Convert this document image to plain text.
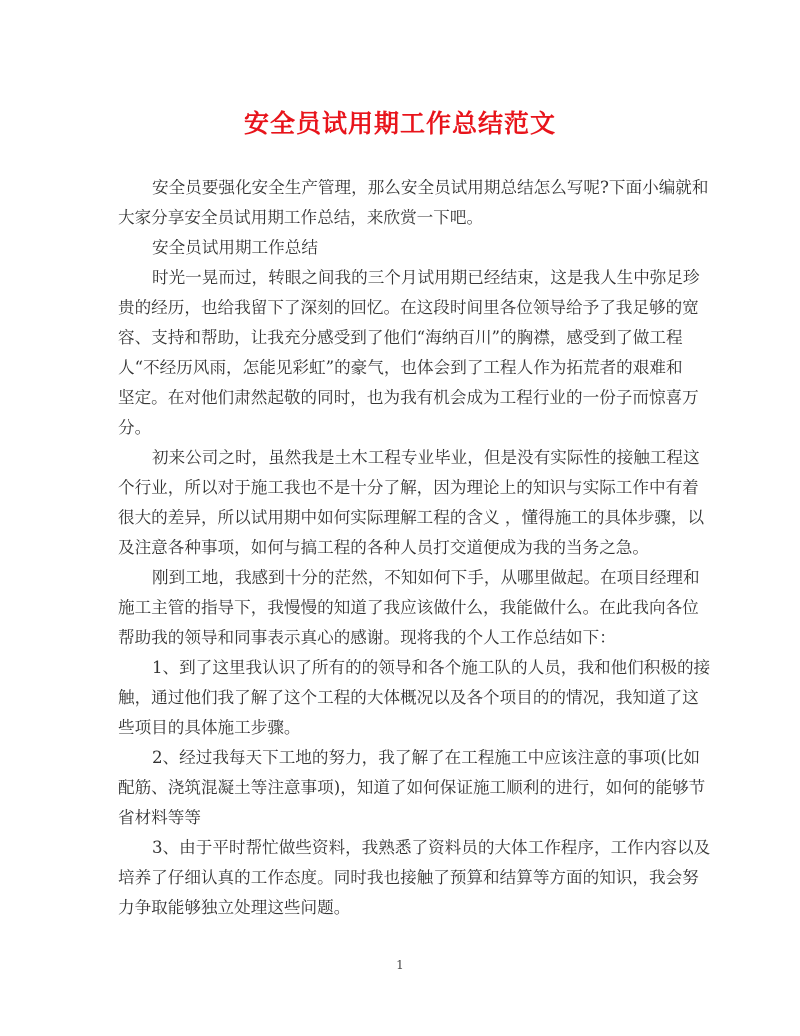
安全员试用期工作总结范文
安全员要强化安全生产管理，那么安全员试用期总结怎么写呢?下面小编就和
大家分享安全员试用期工作总结，来欣赏一下吧。
安全员试用期工作总结
时光一晃而过，转眼之间我的三个月试用期已经结束，这是我人生中弥足珍
贵的经历，也给我留下了深刻的回忆。在这段时间里各位领导给予了我足够的宽
容、支持和帮助，让我充分感受到了他们“海纳百川”的胸襟，感受到了做工程
人“不经历风雨，怎能见彩虹”的豪气，也体会到了工程人作为拓荒者的艰难和
坚定。在对他们肃然起敬的同时，也为我有机会成为工程行业的一份子而惊喜万
分。
初来公司之时，虽然我是土木工程专业毕业，但是没有实际性的接触工程这
个行业，所以对于施工我也不是十分了解，因为理论上的知识与实际工作中有着
很大的差异，所以试用期中如何实际理解工程的含义 ，懂得施工的具体步骤，以
及注意各种事项，如何与搞工程的各种人员打交道便成为我的当务之急。
刚到工地，我感到十分的茫然，不知如何下手，从哪里做起。在项目经理和
施工主管的指导下，我慢慢的知道了我应该做什么，我能做什么。在此我向各位
帮助我的领导和同事表示真心的感谢。现将我的个人工作总结如下：
1、到了这里我认识了所有的的领导和各个施工队的人员，我和他们积极的接
触，通过他们我了解了这个工程的大体概况以及各个项目的的情况，我知道了这
些项目的具体施工步骤。
2、经过我每天下工地的努力，我了解了在工程施工中应该注意的事项(比如
配筋、浇筑混凝土等注意事项)，知道了如何保证施工顺利的进行，如何的能够节
省材料等等
3、由于平时帮忙做些资料，我熟悉了资料员的大体工作程序，工作内容以及
培养了仔细认真的工作态度。同时我也接触了预算和结算等方面的知识，我会努
力争取能够独立处理这些问题。
1
